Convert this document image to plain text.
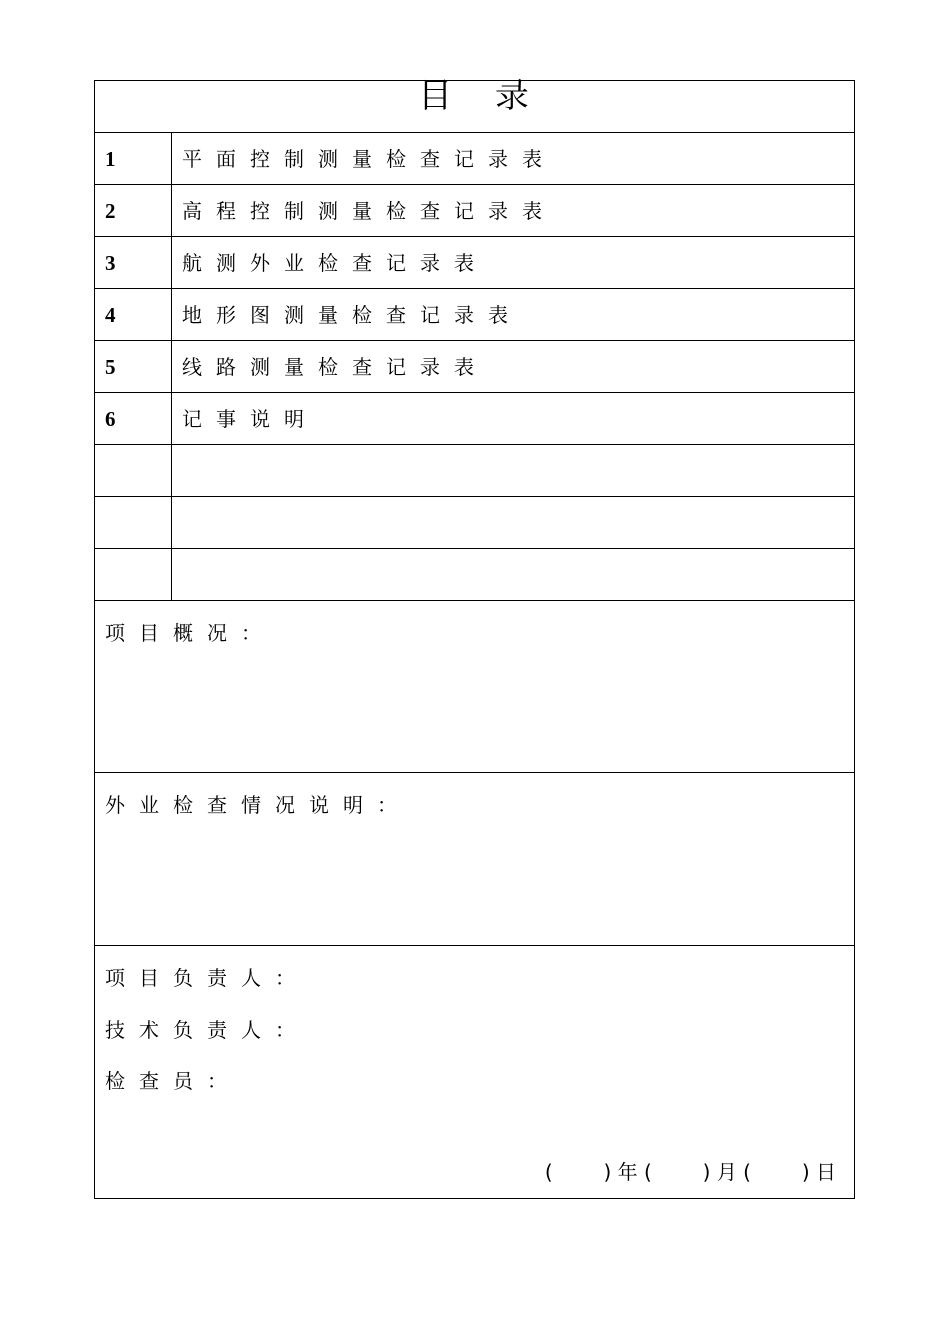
目 录
1	平面控制测量检查记录表
2	高程控制测量检查记录表
3	航测外业检查记录表
4	地形图测量检查记录表
5	线路测量检查记录表
6	记事说明
项目概况：
外业检查情况说明：
项目负责人：
技术负责人：
检查员：
(        ) 年 (        ) 月 (        ) 日
